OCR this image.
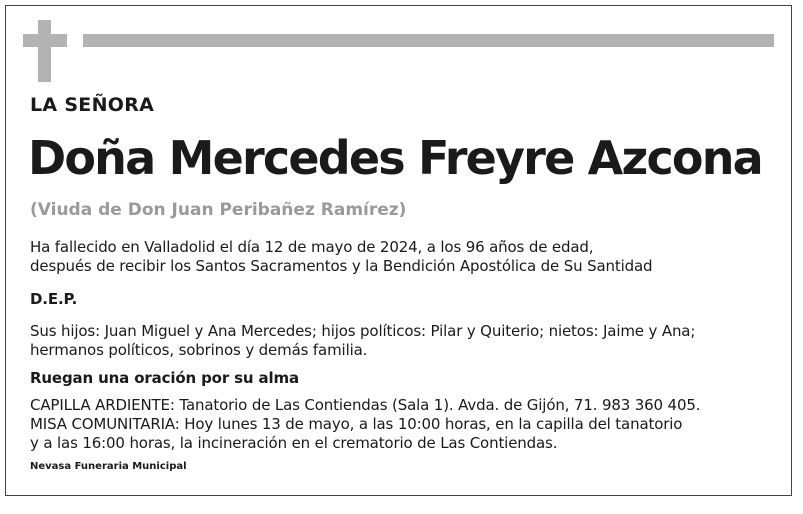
LA SEÑORA
Doña Mercedes Freyre Azcona
(Viuda de Don Juan Peribañez Ramírez)
Ha fallecido en Valladolid el día 12 de mayo de 2024, a los 96 años de edad,
después de recibir los Santos Sacramentos y la Bendición Apostólica de Su Santidad
D.E.P.
Sus hijos: Juan Miguel y Ana Mercedes; hijos políticos: Pilar y Quiterio; nietos: Jaime y Ana;
hermanos políticos, sobrinos y demás familia.
Ruegan una oración por su alma
CAPILLA ARDIENTE: Tanatorio de Las Contiendas (Sala 1). Avda. de Gijón, 71. 983 360 405.
MISA COMUNITARIA: Hoy lunes 13 de mayo, a las 10:00 horas, en la capilla del tanatorio
y a las 16:00 horas, la incineración en el crematorio de Las Contiendas.
Nevasa Funeraria Municipal
